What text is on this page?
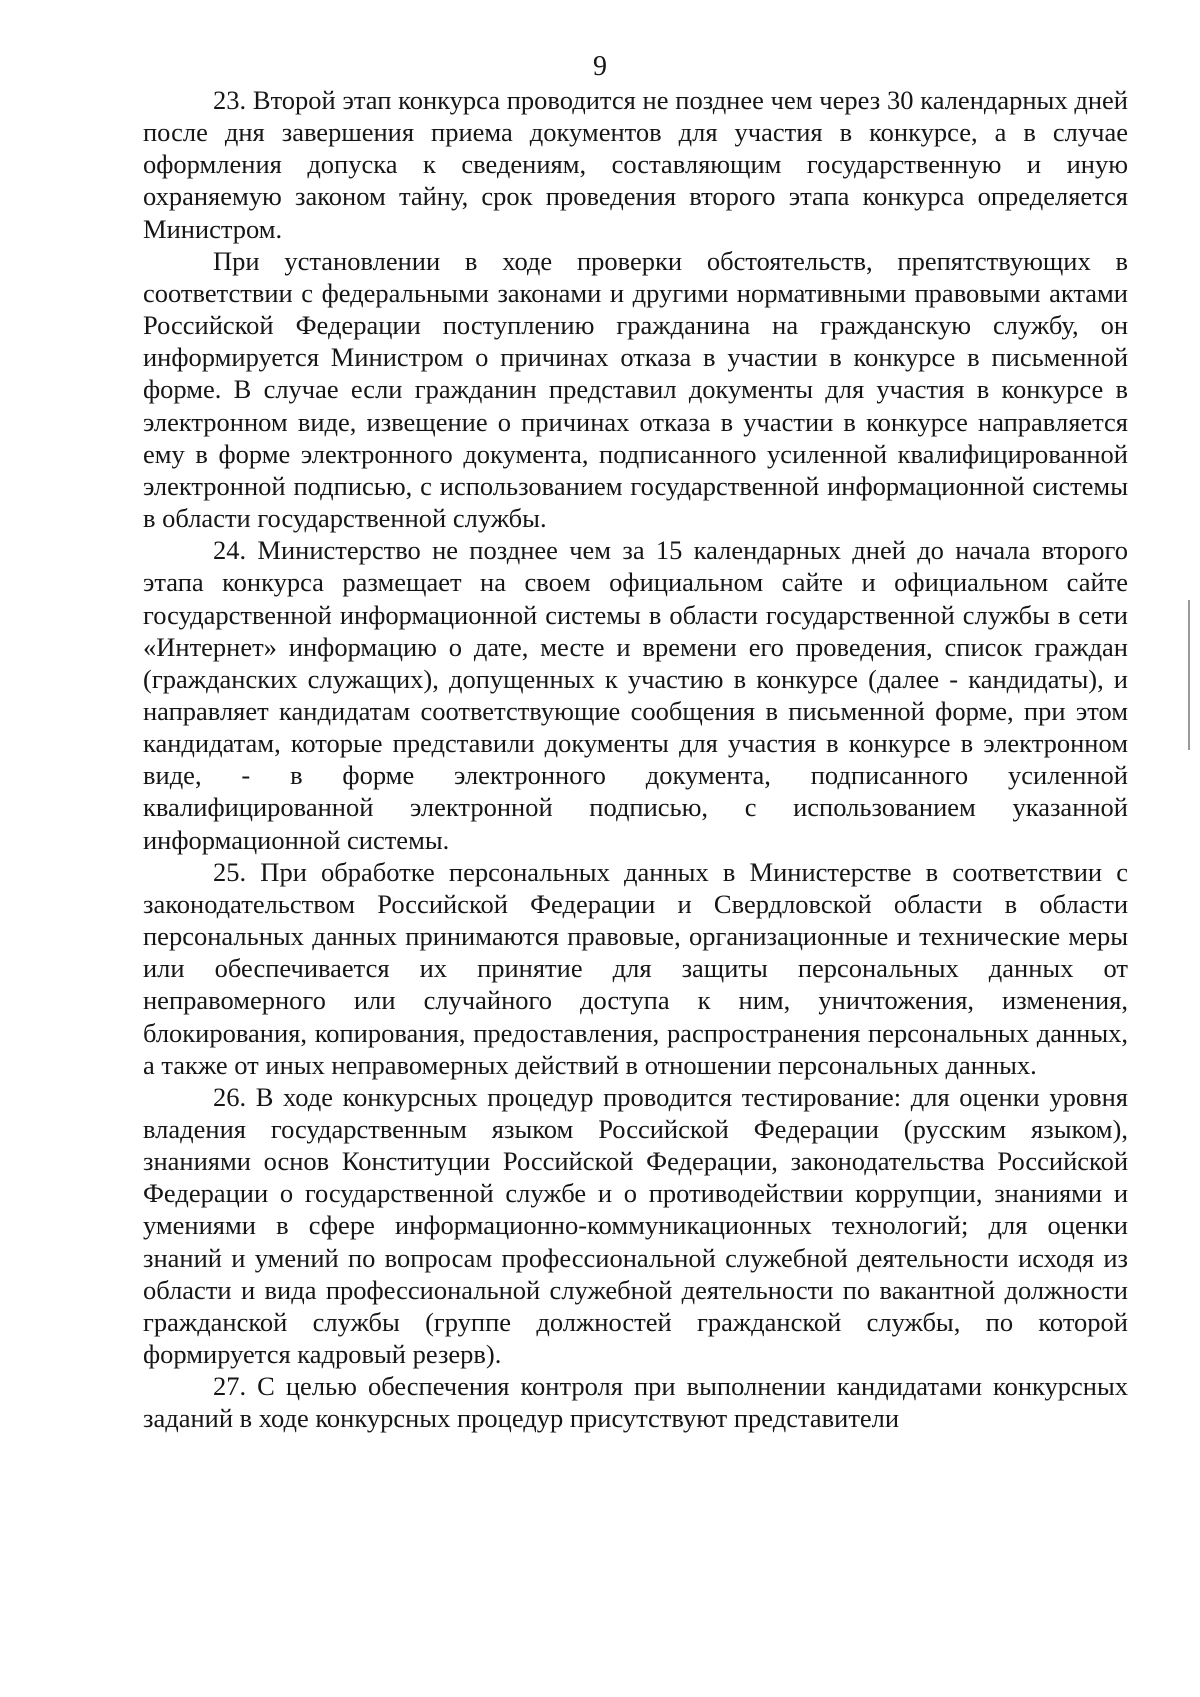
9

23. Второй этап конкурса проводится не позднее чем через 30 календарных дней после дня завершения приема документов для участия в конкурсе, а в случае оформления допуска к сведениям, составляющим государственную и иную охраняемую законом тайну, срок проведения второго этапа конкурса определяется Министром.

При установлении в ходе проверки обстоятельств, препятствующих в соответствии с федеральными законами и другими нормативными правовыми актами Российской Федерации поступлению гражданина на гражданскую службу, он информируется Министром о причинах отказа в участии в конкурсе в письменной форме. В случае если гражданин представил документы для участия в конкурсе в электронном виде, извещение о причинах отказа в участии в конкурсе направляется ему в форме электронного документа, подписанного усиленной квалифицированной электронной подписью, с использованием государственной информационной системы в области государственной службы.

24. Министерство не позднее чем за 15 календарных дней до начала второго этапа конкурса размещает на своем официальном сайте и официальном сайте государственной информационной системы в области государственной службы в сети «Интернет» информацию о дате, месте и времени его проведения, список граждан (гражданских служащих), допущенных к участию в конкурсе (далее - кандидаты), и направляет кандидатам соответствующие сообщения в письменной форме, при этом кандидатам, которые представили документы для участия в конкурсе в электронном виде, - в форме электронного документа, подписанного усиленной квалифицированной электронной подписью, с использованием указанной информационной системы.

25. При обработке персональных данных в Министерстве в соответствии с законодательством Российской Федерации и Свердловской области в области персональных данных принимаются правовые, организационные и технические меры или обеспечивается их принятие для защиты персональных данных от неправомерного или случайного доступа к ним, уничтожения, изменения, блокирования, копирования, предоставления, распространения персональных данных, а также от иных неправомерных действий в отношении персональных данных.

26. В ходе конкурсных процедур проводится тестирование: для оценки уровня владения государственным языком Российской Федерации (русским языком), знаниями основ Конституции Российской Федерации, законодательства Российской Федерации о государственной службе и о противодействии коррупции, знаниями и умениями в сфере информационно-коммуникационных технологий; для оценки знаний и умений по вопросам профессиональной служебной деятельности исходя из области и вида профессиональной служебной деятельности по вакантной должности гражданской службы (группе должностей гражданской службы, по которой формируется кадровый резерв).

27. С целью обеспечения контроля при выполнении кандидатами конкурсных заданий в ходе конкурсных процедур присутствуют представители
